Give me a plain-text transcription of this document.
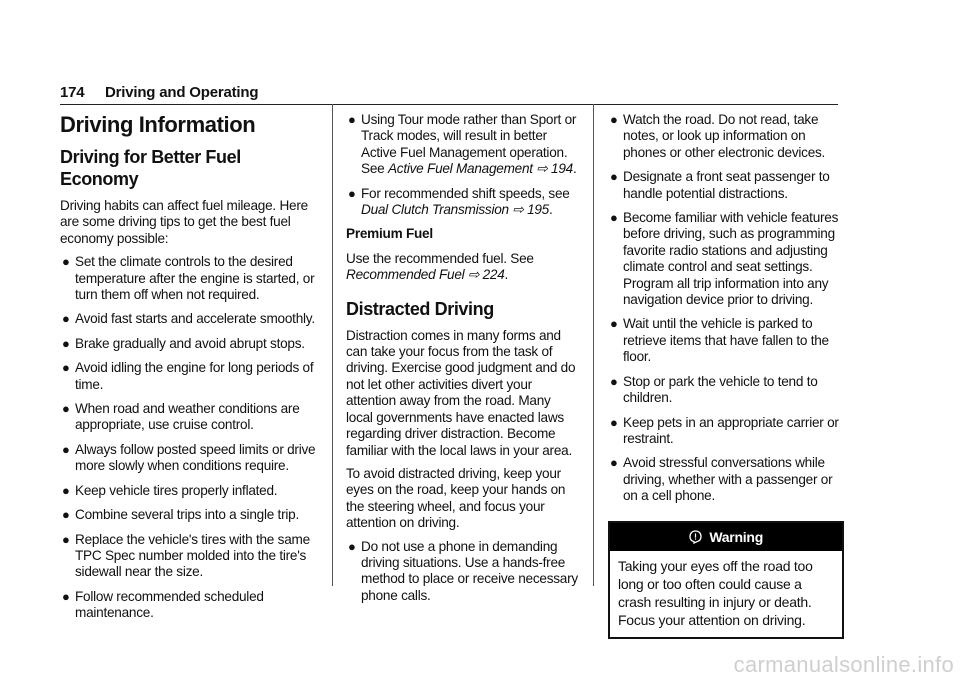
174 Driving and Operating
Driving Information
Driving for Better Fuel Economy

Driving habits can affect fuel mileage. Here are some driving tips to get the best fuel economy possible:

● Set the climate controls to the desired temperature after the engine is started, or turn them off when not required.
● Avoid fast starts and accelerate smoothly.
● Brake gradually and avoid abrupt stops.
● Avoid idling the engine for long periods of time.
● When road and weather conditions are appropriate, use cruise control.
● Always follow posted speed limits or drive more slowly when conditions require.
● Keep vehicle tires properly inflated.
● Combine several trips into a single trip.
● Replace the vehicle's tires with the same TPC Spec number molded into the tire's sidewall near the size.
● Follow recommended scheduled maintenance.
● Using Tour mode rather than Sport or Track modes, will result in better Active Fuel Management operation. See Active Fuel Management ⇨ 194.
● For recommended shift speeds, see Dual Clutch Transmission ⇨ 195.

Premium Fuel

Use the recommended fuel. See Recommended Fuel ⇨ 224.

Distracted Driving

Distraction comes in many forms and can take your focus from the task of driving. Exercise good judgment and do not let other activities divert your attention away from the road. Many local governments have enacted laws regarding driver distraction. Become familiar with the local laws in your area.

To avoid distracted driving, keep your eyes on the road, keep your hands on the steering wheel, and focus your attention on driving.

● Do not use a phone in demanding driving situations. Use a hands-free method to place or receive necessary phone calls.
● Watch the road. Do not read, take notes, or look up information on phones or other electronic devices.
● Designate a front seat passenger to handle potential distractions.
● Become familiar with vehicle features before driving, such as programming favorite radio stations and adjusting climate control and seat settings. Program all trip information into any navigation device prior to driving.
● Wait until the vehicle is parked to retrieve items that have fallen to the floor.
● Stop or park the vehicle to tend to children.
● Keep pets in an appropriate carrier or restraint.
● Avoid stressful conversations while driving, whether with a passenger or on a cell phone.
Warning
Taking your eyes off the road too long or too often could cause a crash resulting in injury or death. Focus your attention on driving.
carmanualsonline.info
